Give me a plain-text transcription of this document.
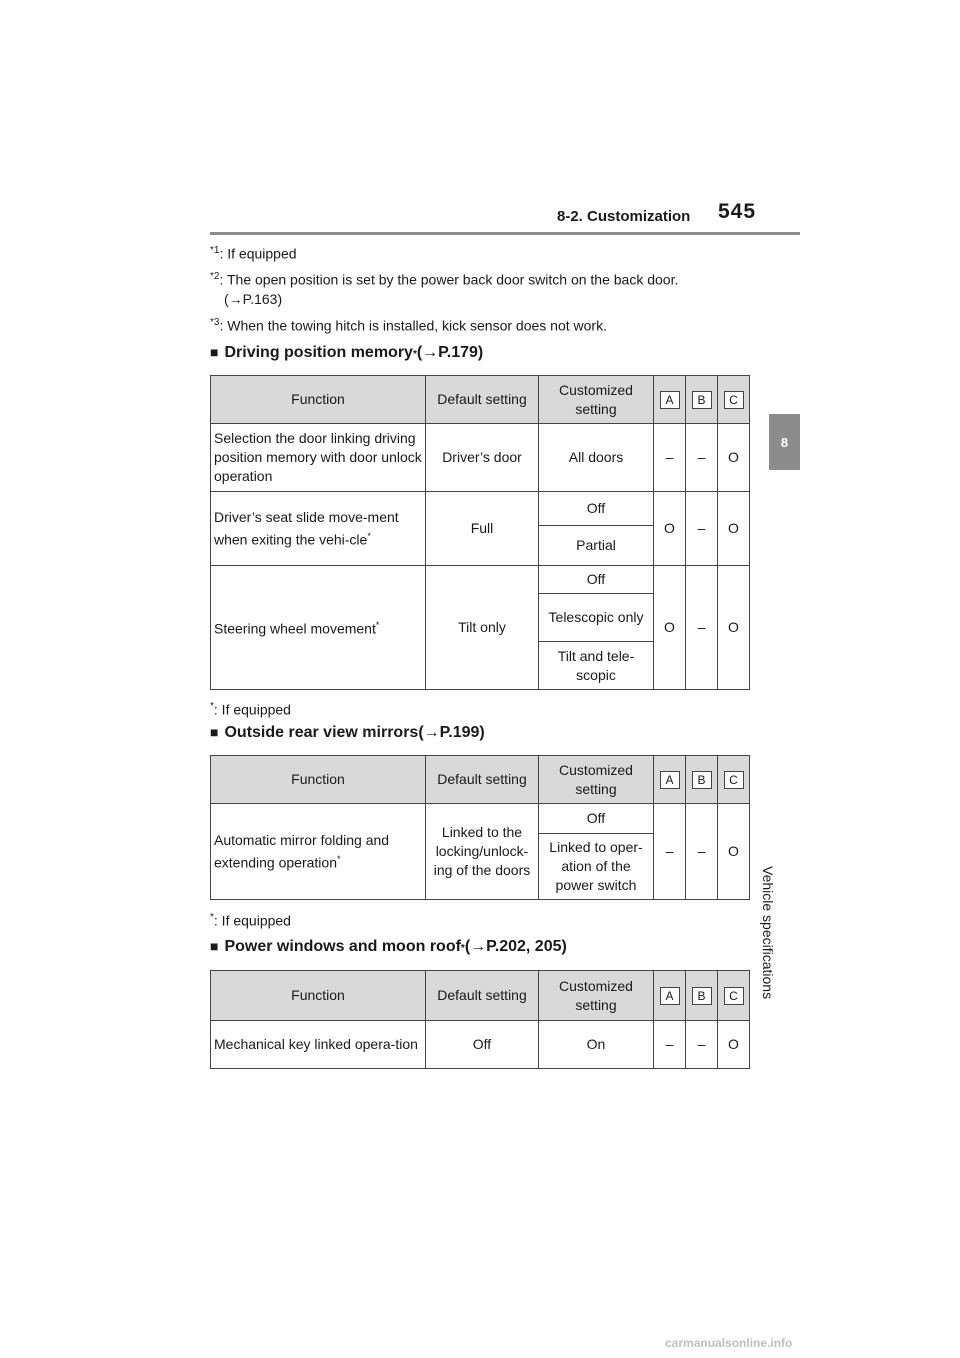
8-2. Customization 545
8
Vehicle specifications
$^{*1}$: If equipped
$^{*2}$: The open position is set by the power back door switch on the back door.
(→P.163)
$^{*3}$: When the towing hitch is installed, kick sensor does not work.
■ Driving position memory * (→P.179)
Function	Default setting	Customized setting	A	B	C
Selection the door linking driving position memory with door unlock operation	Driver’s door	All doors	–	–	O
Driver’s seat slide move-ment when exiting the vehi-cle*	Full	Off	O	–	O
		Partial			
Steering wheel movement*	Tilt only	Off	O	–	O
		Telescopic only			
		Tilt and tele-scopic			
*: If equipped
■ Outside rear view mirrors (→P.199)
Function	Default setting	Customized setting	A	B	C
Automatic mirror folding and extending operation*	Linked to the locking/unlock-ing of the doors	Off	–	–	O
		Linked to oper-ation of the power switch			
*: If equipped
■ Power windows and moon roof * (→P.202, 205)
Function	Default setting	Customized setting	A	B	C
Mechanical key linked opera-tion	Off	On	–	–	O
carmanualsonline.info
